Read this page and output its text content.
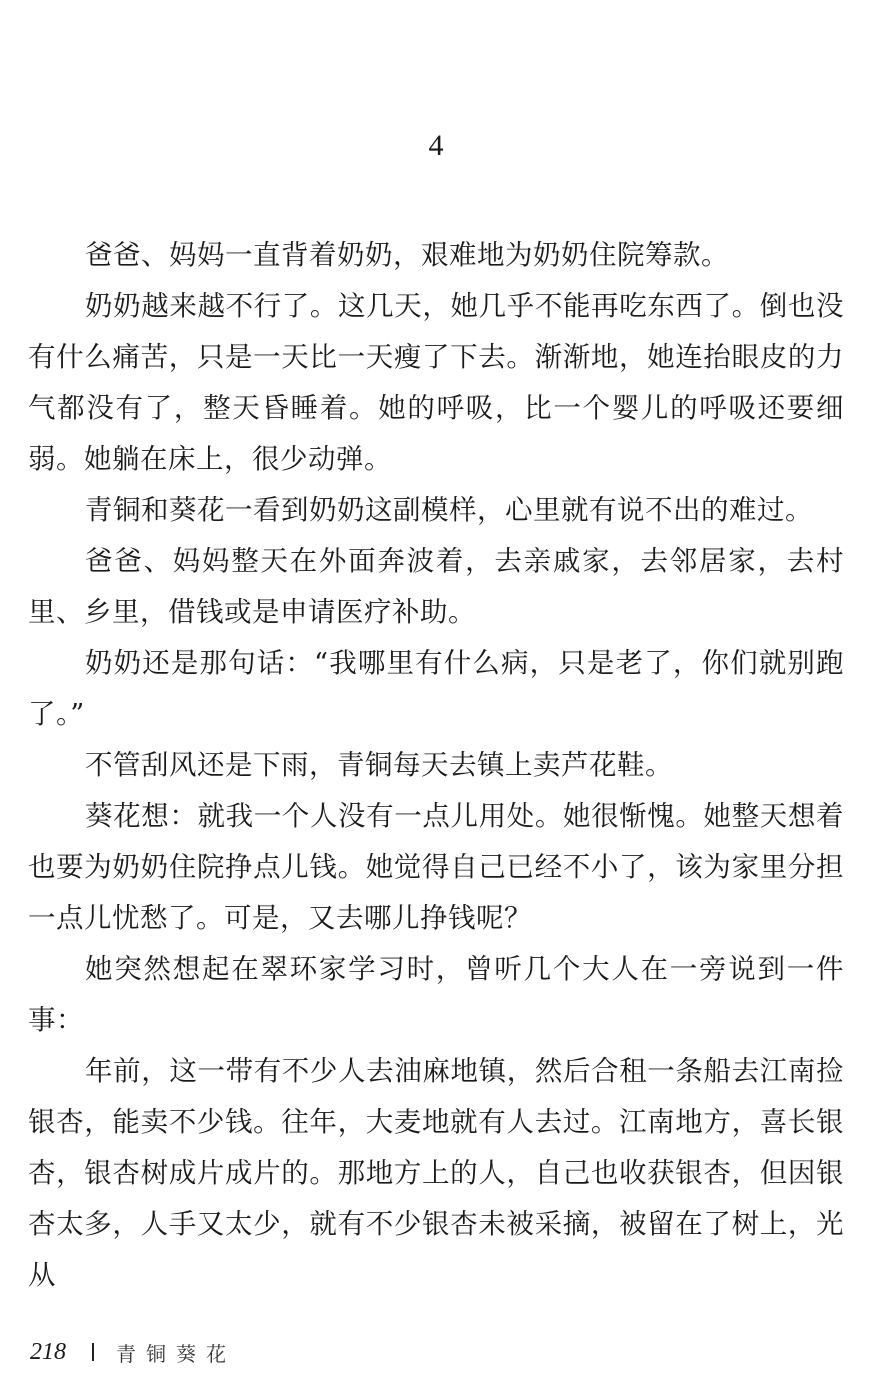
4

爸爸、妈妈一直背着奶奶，艰难地为奶奶住院筹款。

奶奶越来越不行了。这几天，她几乎不能再吃东西了。倒也没有什么痛苦，只是一天比一天瘦了下去。渐渐地，她连抬眼皮的力气都没有了，整天昏睡着。她的呼吸，比一个婴儿的呼吸还要细弱。她躺在床上，很少动弹。

青铜和葵花一看到奶奶这副模样，心里就有说不出的难过。

爸爸、妈妈整天在外面奔波着，去亲戚家，去邻居家，去村里、乡里，借钱或是申请医疗补助。

奶奶还是那句话：“我哪里有什么病，只是老了，你们就别跑了。”

不管刮风还是下雨，青铜每天去镇上卖芦花鞋。

葵花想：就我一个人没有一点儿用处。她很惭愧。她整天想着也要为奶奶住院挣点儿钱。她觉得自己已经不小了，该为家里分担一点儿忧愁了。可是，又去哪儿挣钱呢？

她突然想起在翠环家学习时，曾听几个大人在一旁说到一件事：

年前，这一带有不少人去油麻地镇，然后合租一条船去江南捡银杏，能卖不少钱。往年，大麦地就有人去过。江南地方，喜长银杏，银杏树成片成片的。那地方上的人，自己也收获银杏，但因银杏太多，人手又太少，就有不少银杏未被采摘，被留在了树上，光从

218	青铜葵花
